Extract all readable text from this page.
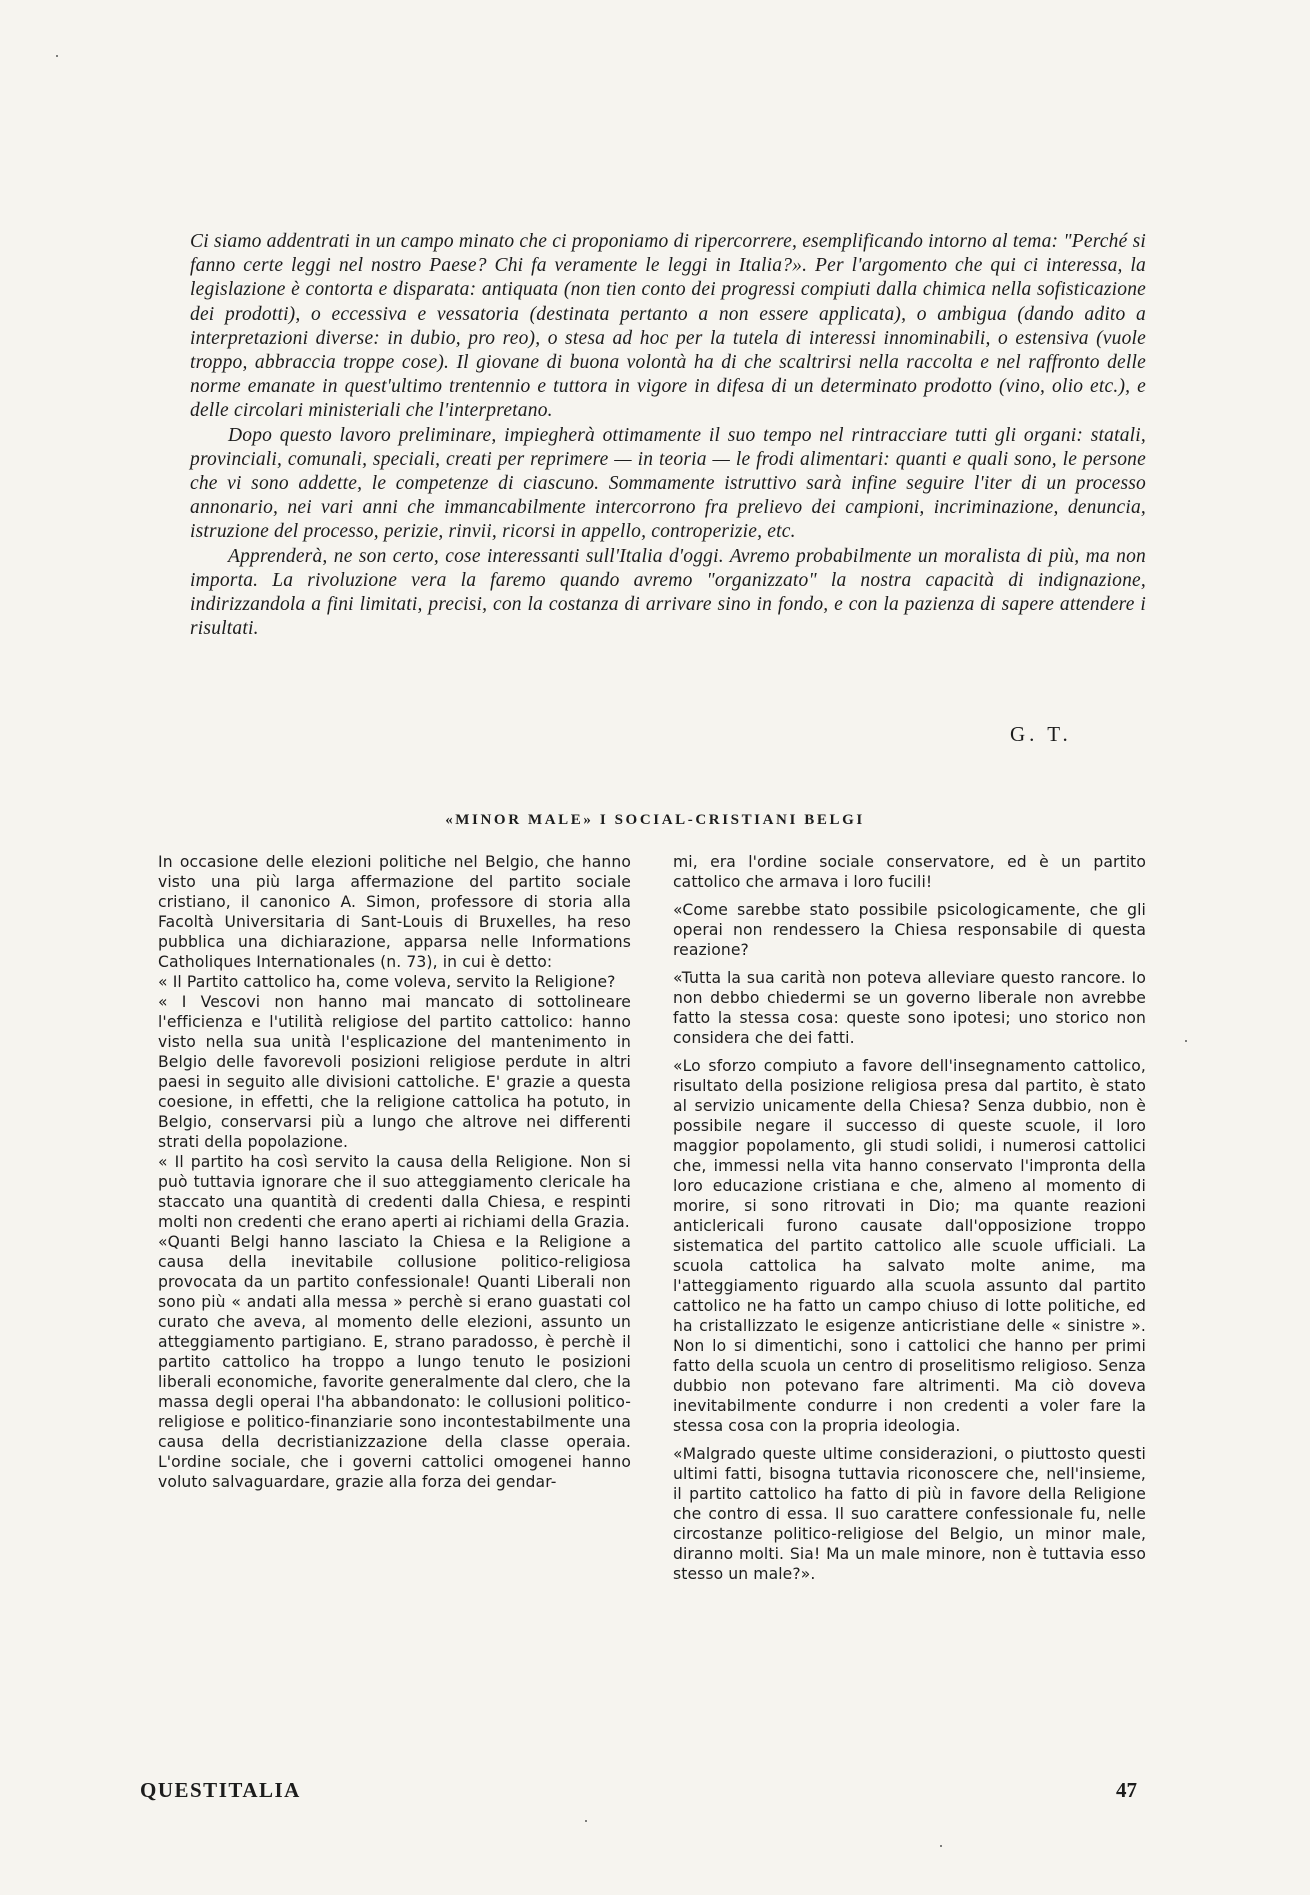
Ci siamo addentrati in un campo minato che ci proponiamo di ripercorrere, esemplificando intorno al tema: "Perché si fanno certe leggi nel nostro Paese? Chi fa veramente le leggi in Italia?». Per l'argomento che qui ci interessa, la legislazione è contorta e disparata: antiquata (non tien conto dei progressi compiuti dalla chimica nella sofisticazione dei prodotti), o eccessiva e vessatoria (destinata pertanto a non essere applicata), o ambigua (dando adito a interpretazioni diverse: in dubio, pro reo), o stesa ad hoc per la tutela di interessi innominabili, o estensiva (vuole troppo, abbraccia troppe cose). Il giovane di buona volontà ha di che scaltrirsi nella raccolta e nel raffronto delle norme emanate in quest'ultimo trentennio e tuttora in vigore in difesa di un determinato prodotto (vino, olio etc.), e delle circolari ministeriali che l'interpretano.

Dopo questo lavoro preliminare, impiegherà ottimamente il suo tempo nel rintracciare tutti gli organi: statali, provinciali, comunali, speciali, creati per reprimere — in teoria — le frodi alimentari: quanti e quali sono, le persone che vi sono addette, le competenze di ciascuno. Sommamente istruttivo sarà infine seguire l'iter di un processo annonario, nei vari anni che immancabilmente intercorrono fra prelievo dei campioni, incriminazione, denuncia, istruzione del processo, perizie, rinvii, ricorsi in appello, controperizie, etc.

Apprenderà, ne son certo, cose interessanti sull'Italia d'oggi. Avremo probabilmente un moralista di più, ma non importa. La rivoluzione vera la faremo quando avremo "organizzato" la nostra capacità di indignazione, indirizzandola a fini limitati, precisi, con la costanza di arrivare sino in fondo, e con la pazienza di sapere attendere i risultati.

G. T.
«MINOR MALE» I SOCIAL-CRISTIANI BELGI

In occasione delle elezioni politiche nel Belgio, che hanno visto una più larga affermazione del partito sociale cristiano, il canonico A. Simon, professore di storia alla Facoltà Universitaria di Sant-Louis di Bruxelles, ha reso pubblica una dichiarazione, apparsa nelle Informations Catholiques Internationales (n. 73), in cui è detto:

« Il Partito cattolico ha, come voleva, servito la Religione?

« I Vescovi non hanno mai mancato di sottolineare l'efficienza e l'utilità religiose del partito cattolico: hanno visto nella sua unità l'esplicazione del mantenimento in Belgio delle favorevoli posizioni religiose perdute in altri paesi in seguito alle divisioni cattoliche. E' grazie a questa coesione, in effetti, che la religione cattolica ha potuto, in Belgio, conservarsi più a lungo che altrove nei differenti strati della popolazione.

« Il partito ha così servito la causa della Religione. Non si può tuttavia ignorare che il suo atteggiamento clericale ha staccato una quantità di credenti dalla Chiesa, e respinti molti non credenti che erano aperti ai richiami della Grazia.

«Quanti Belgi hanno lasciato la Chiesa e la Religione a causa della inevitabile collusione politico-religiosa provocata da un partito confessionale! Quanti Liberali non sono più « andati alla messa » perchè si erano guastati col curato che aveva, al momento delle elezioni, assunto un atteggiamento partigiano. E, strano paradosso, è perchè il partito cattolico ha troppo a lungo tenuto le posizioni liberali economiche, favorite generalmente dal clero, che la massa degli operai l'ha abbandonato: le collusioni politico-religiose e politico-finanziarie sono incontestabilmente una causa della decristianizzazione della classe operaia. L'ordine sociale, che i governi cattolici omogenei hanno voluto salvaguardare, grazie alla forza dei gendar-

mi, era l'ordine sociale conservatore, ed è un partito cattolico che armava i loro fucili!

«Come sarebbe stato possibile psicologicamente, che gli operai non rendessero la Chiesa responsabile di questa reazione?

«Tutta la sua carità non poteva alleviare questo rancore. Io non debbo chiedermi se un governo liberale non avrebbe fatto la stessa cosa: queste sono ipotesi; uno storico non considera che dei fatti.

«Lo sforzo compiuto a favore dell'insegnamento cattolico, risultato della posizione religiosa presa dal partito, è stato al servizio unicamente della Chiesa? Senza dubbio, non è possibile negare il successo di queste scuole, il loro maggior popolamento, gli studi solidi, i numerosi cattolici che, immessi nella vita hanno conservato l'impronta della loro educazione cristiana e che, almeno al momento di morire, si sono ritrovati in Dio; ma quante reazioni anticlericali furono causate dall'opposizione troppo sistematica del partito cattolico alle scuole ufficiali. La scuola cattolica ha salvato molte anime, ma l'atteggiamento riguardo alla scuola assunto dal partito cattolico ne ha fatto un campo chiuso di lotte politiche, ed ha cristallizzato le esigenze anticristiane delle « sinistre ». Non lo si dimentichi, sono i cattolici che hanno per primi fatto della scuola un centro di proselitismo religioso. Senza dubbio non potevano fare altrimenti. Ma ciò doveva inevitabilmente condurre i non credenti a voler fare la stessa cosa con la propria ideologia.

«Malgrado queste ultime considerazioni, o piuttosto questi ultimi fatti, bisogna tuttavia riconoscere che, nell'insieme, il partito cattolico ha fatto di più in favore della Religione che contro di essa. Il suo carattere confessionale fu, nelle circostanze politico-religiose del Belgio, un minor male, diranno molti. Sia! Ma un male minore, non è tuttavia esso stesso un male?».

QUESTITALIA	47
